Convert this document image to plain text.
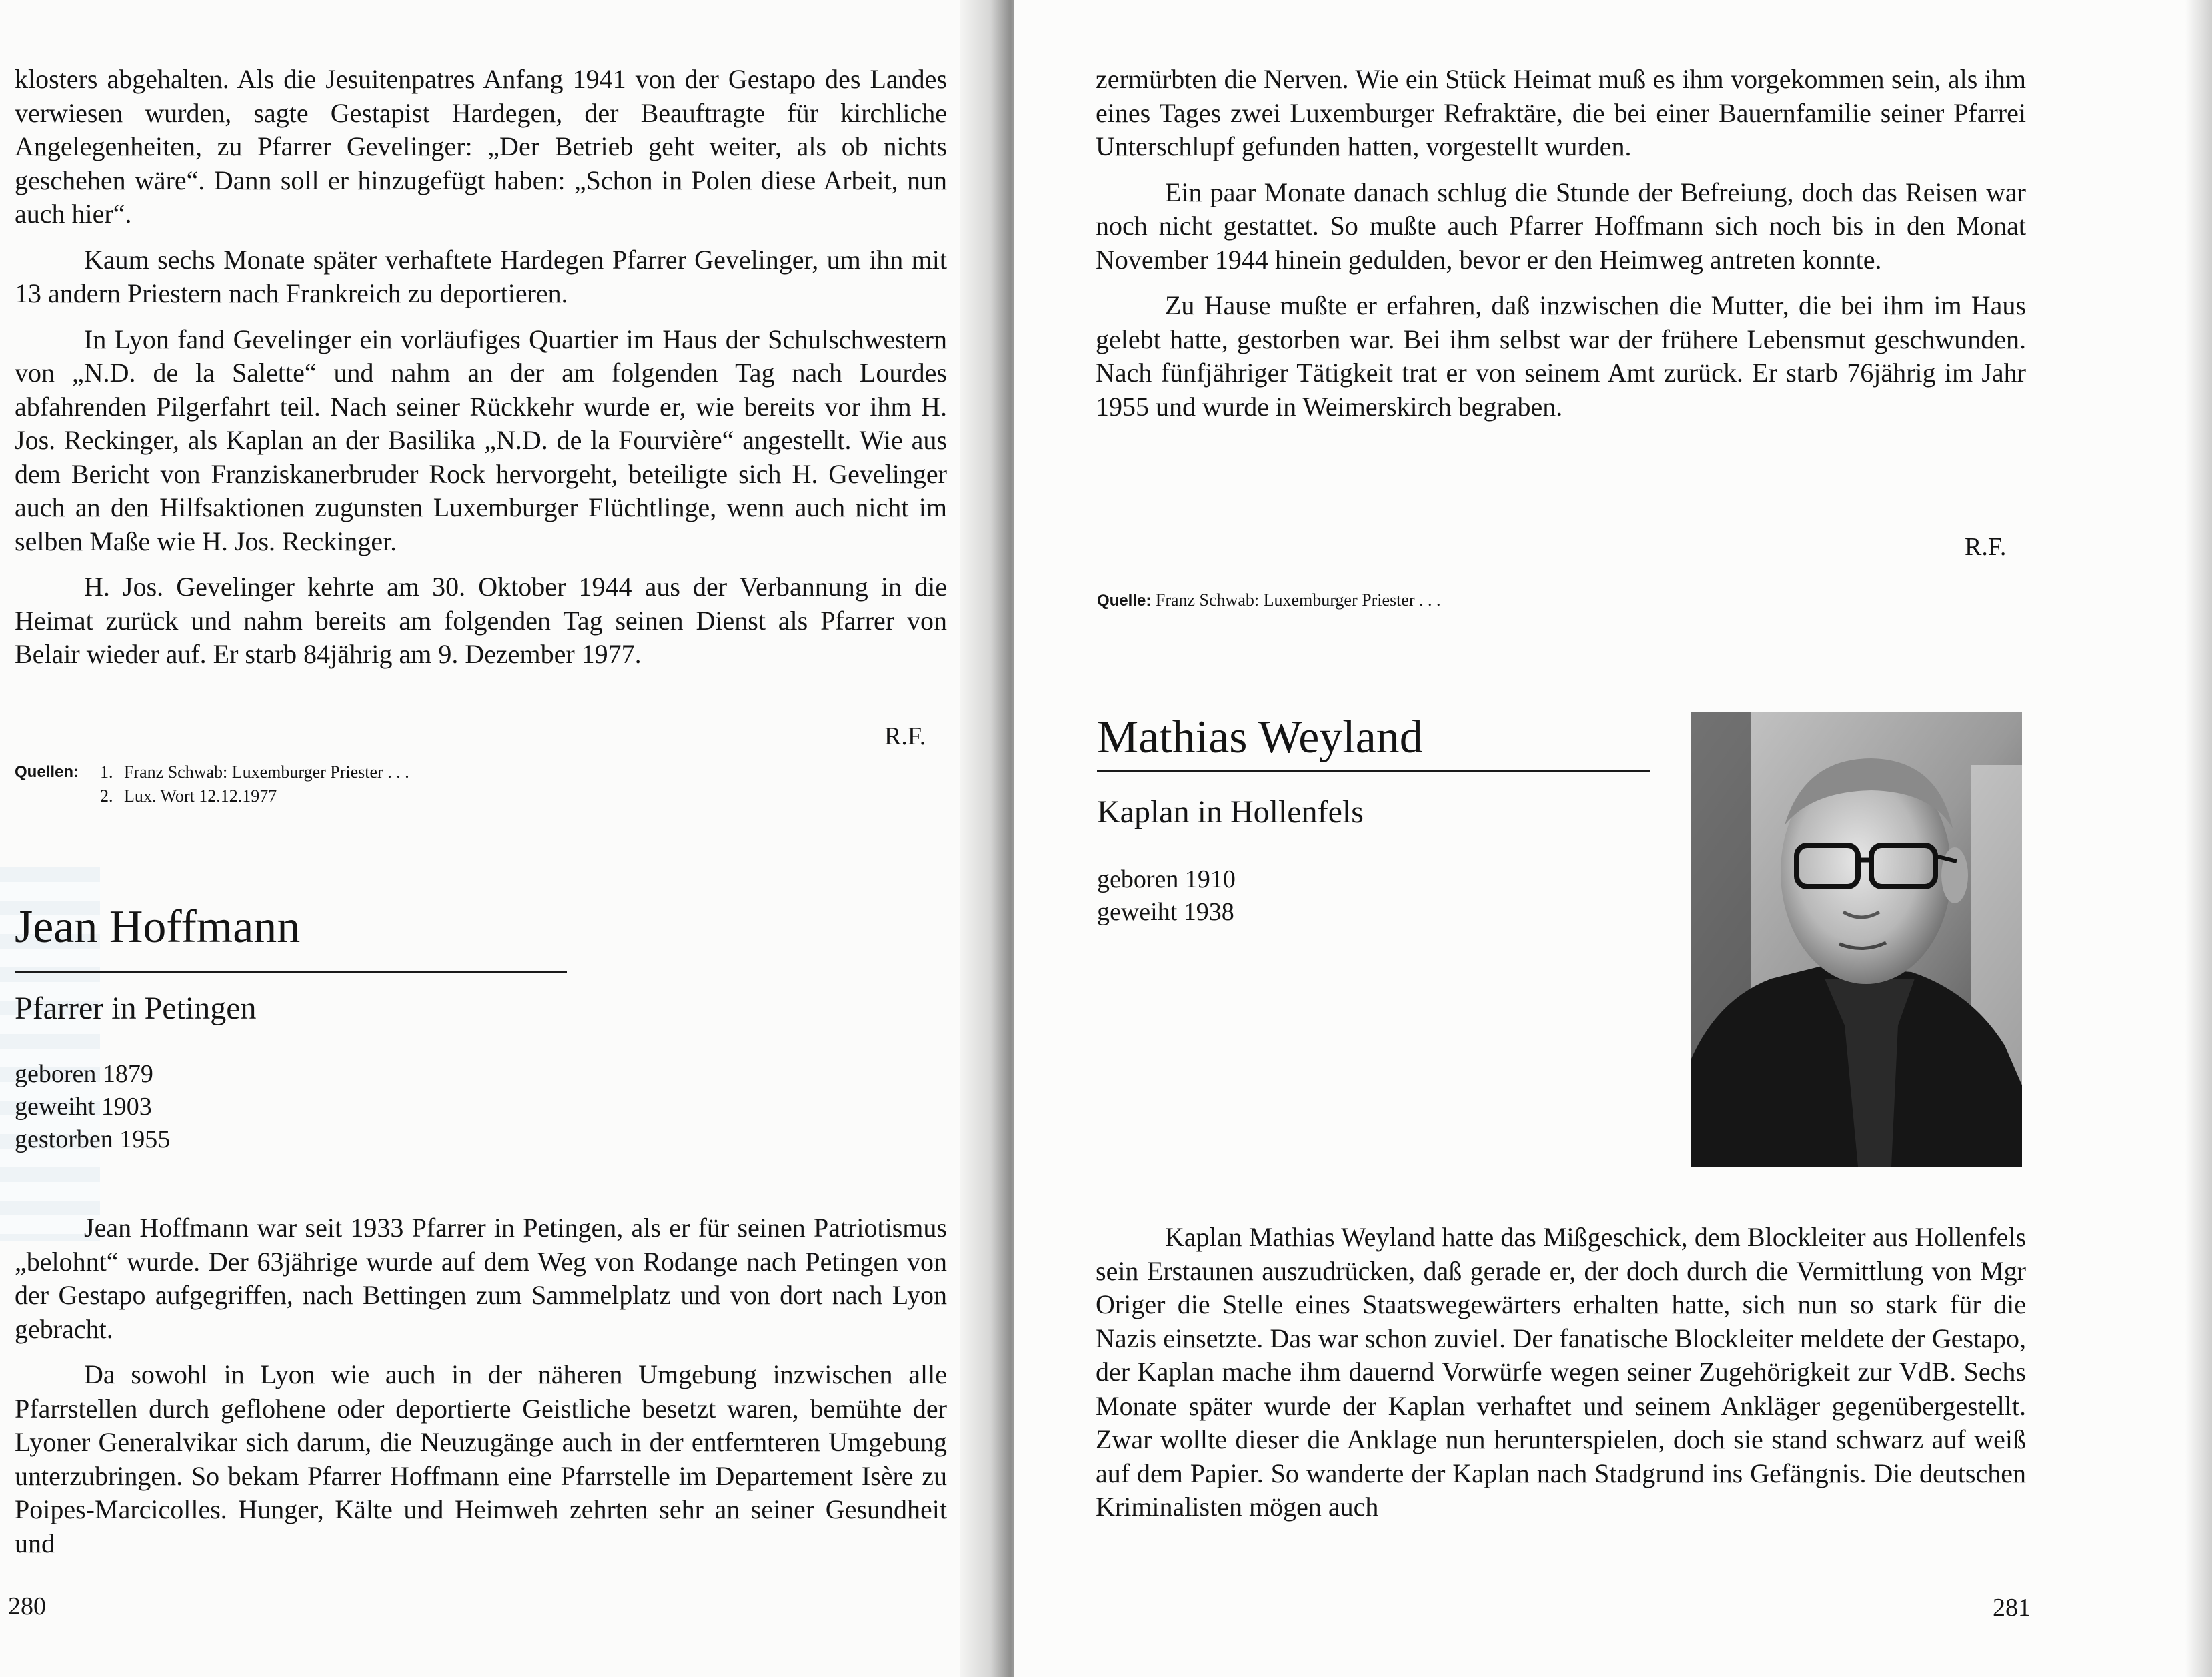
klosters abgehalten. Als die Jesuitenpatres Anfang 1941 von der Gestapo des Landes verwiesen wurden, sagte Gestapist Hardegen, der Beauftragte für kirchliche Angelegenheiten, zu Pfarrer Gevelinger: „Der Betrieb geht weiter, als ob nichts geschehen wäre“. Dann soll er hinzugefügt haben: „Schon in Polen diese Arbeit, nun auch hier“.

Kaum sechs Monate später verhaftete Hardegen Pfarrer Gevelinger, um ihn mit 13 andern Priestern nach Frankreich zu deportieren.

In Lyon fand Gevelinger ein vorläufiges Quartier im Haus der Schulschwestern von „N.D. de la Salette“ und nahm an der am folgenden Tag nach Lourdes abfahrenden Pilgerfahrt teil. Nach seiner Rückkehr wurde er, wie bereits vor ihm H. Jos. Reckinger, als Kaplan an der Basilika „N.D. de la Fourvière“ angestellt. Wie aus dem Bericht von Franziskanerbruder Rock hervorgeht, beteiligte sich H. Gevelinger auch an den Hilfsaktionen zugunsten Luxemburger Flüchtlinge, wenn auch nicht im selben Maße wie H. Jos. Reckinger.

H. Jos. Gevelinger kehrte am 30. Oktober 1944 aus der Verbannung in die Heimat zurück und nahm bereits am folgenden Tag seinen Dienst als Pfarrer von Belair wieder auf. Er starb 84jährig am 9. Dezember 1977.

R.F.
Quellen:	1. Franz Schwab: Luxemburger Priester . . .
2. Lux. Wort 12.12.1977
Jean Hoffmann
Pfarrer in Petingen
geboren 1879
geweiht 1903
gestorben 1955

Jean Hoffmann war seit 1933 Pfarrer in Petingen, als er für seinen Patriotismus „belohnt“ wurde. Der 63jährige wurde auf dem Weg von Rodange nach Petingen von der Gestapo aufgegriffen, nach Bettingen zum Sammelplatz und von dort nach Lyon gebracht.

Da sowohl in Lyon wie auch in der näheren Umgebung inzwischen alle Pfarrstellen durch geflohene oder deportierte Geistliche besetzt waren, bemühte der Lyoner Generalvikar sich darum, die Neuzugänge auch in der entfernteren Umgebung unterzubringen. So bekam Pfarrer Hoffmann eine Pfarrstelle im Departement Isère zu Poipes-Marcicolles. Hunger, Kälte und Heimweh zehrten sehr an seiner Gesundheit und

280

zermürbten die Nerven. Wie ein Stück Heimat muß es ihm vorgekommen sein, als ihm eines Tages zwei Luxemburger Refraktäre, die bei einer Bauernfamilie seiner Pfarrei Unterschlupf gefunden hatten, vorgestellt wurden.

Ein paar Monate danach schlug die Stunde der Befreiung, doch das Reisen war noch nicht gestattet. So mußte auch Pfarrer Hoffmann sich noch bis in den Monat November 1944 hinein gedulden, bevor er den Heimweg antreten konnte.

Zu Hause mußte er erfahren, daß inzwischen die Mutter, die bei ihm im Haus gelebt hatte, gestorben war. Bei ihm selbst war der frühere Lebensmut geschwunden. Nach fünfjähriger Tätigkeit trat er von seinem Amt zurück. Er starb 76jährig im Jahr 1955 und wurde in Weimerskirch begraben.

R.F.
Quelle: Franz Schwab: Luxemburger Priester . . .
Mathias Weyland
Kaplan in Hollenfels
geboren 1910
geweiht 1938

Kaplan Mathias Weyland hatte das Mißgeschick, dem Blockleiter aus Hollenfels sein Erstaunen auszudrücken, daß gerade er, der doch durch die Vermittlung von Mgr Origer die Stelle eines Staatswegewärters erhalten hatte, sich nun so stark für die Nazis einsetzte. Das war schon zuviel. Der fanatische Blockleiter meldete der Gestapo, der Kaplan mache ihm dauernd Vorwürfe wegen seiner Zugehörigkeit zur VdB. Sechs Monate später wurde der Kaplan verhaftet und seinem Ankläger gegenübergestellt. Zwar wollte dieser die Anklage nun herunterspielen, doch sie stand schwarz auf weiß auf dem Papier. So wanderte der Kaplan nach Stadgrund ins Gefängnis. Die deutschen Kriminalisten mögen auch

281
